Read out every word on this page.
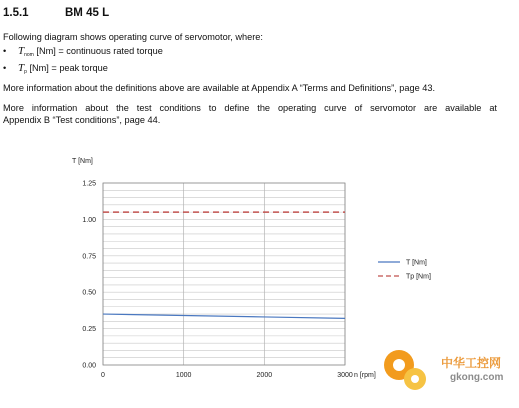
1.5.1	BM 45 L
Following diagram shows operating curve of servomotor, where:
• $T_{nom}$ [Nm] = continuous rated torque
• $T_p$ [Nm] = peak torque
More information about the definitions above are available at Appendix A “Terms and Definitions”, page 43.
More information about the test conditions to define the operating curve of servomotor are available at
Appendix B “Test conditions”, page 44.
0.00
0.25
0.50
0.75
1.00
1.25
0	1000	2000	3000
T [Nm]
Tp [Nm]
T [Nm]
n [rpm]
中华工控网
gkong.com
